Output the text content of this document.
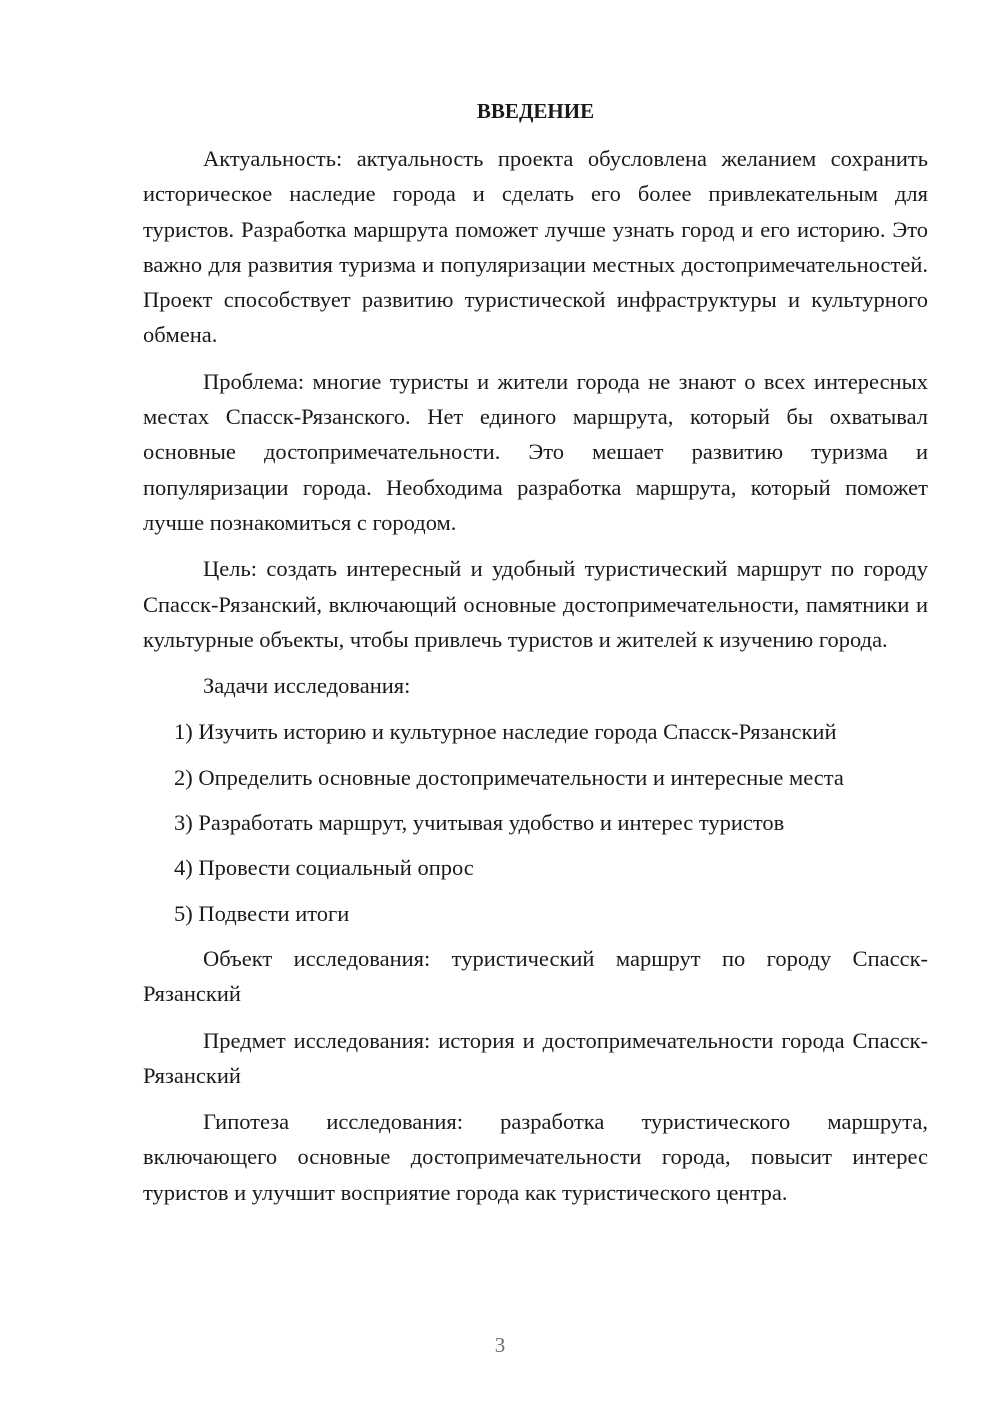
ВВЕДЕНИЕ

Актуальность: актуальность проекта обусловлена желанием сохранить историческое наследие города и сделать его более привлекательным для туристов. Разработка маршрута поможет лучше узнать город и его историю. Это важно для развития туризма и популяризации местных достопримечательностей. Проект способствует развитию туристической инфраструктуры и культурного обмена.

Проблема: многие туристы и жители города не знают о всех интересных местах Спасск-Рязанского. Нет единого маршрута, который бы охватывал основные достопримечательности. Это мешает развитию туризма и популяризации города. Необходима разработка маршрута, который поможет лучше познакомиться с городом.

Цель: создать интересный и удобный туристический маршрут по городу Спасск-Рязанский, включающий основные достопримечательности, памятники и культурные объекты, чтобы привлечь туристов и жителей к изучению города.

Задачи исследования:

1) Изучить историю и культурное наследие города Спасск-Рязанский
2) Определить основные достопримечательности и интересные места
3) Разработать маршрут, учитывая удобство и интерес туристов
4) Провести социальный опрос
5) Подвести итоги

Объект исследования: туристический маршрут по городу Спасск-Рязанский

Предмет исследования: история и достопримечательности города Спасск-Рязанский

Гипотеза исследования: разработка туристического маршрута, включающего основные достопримечательности города, повысит интерес туристов и улучшит восприятие города как туристического центра.

3
